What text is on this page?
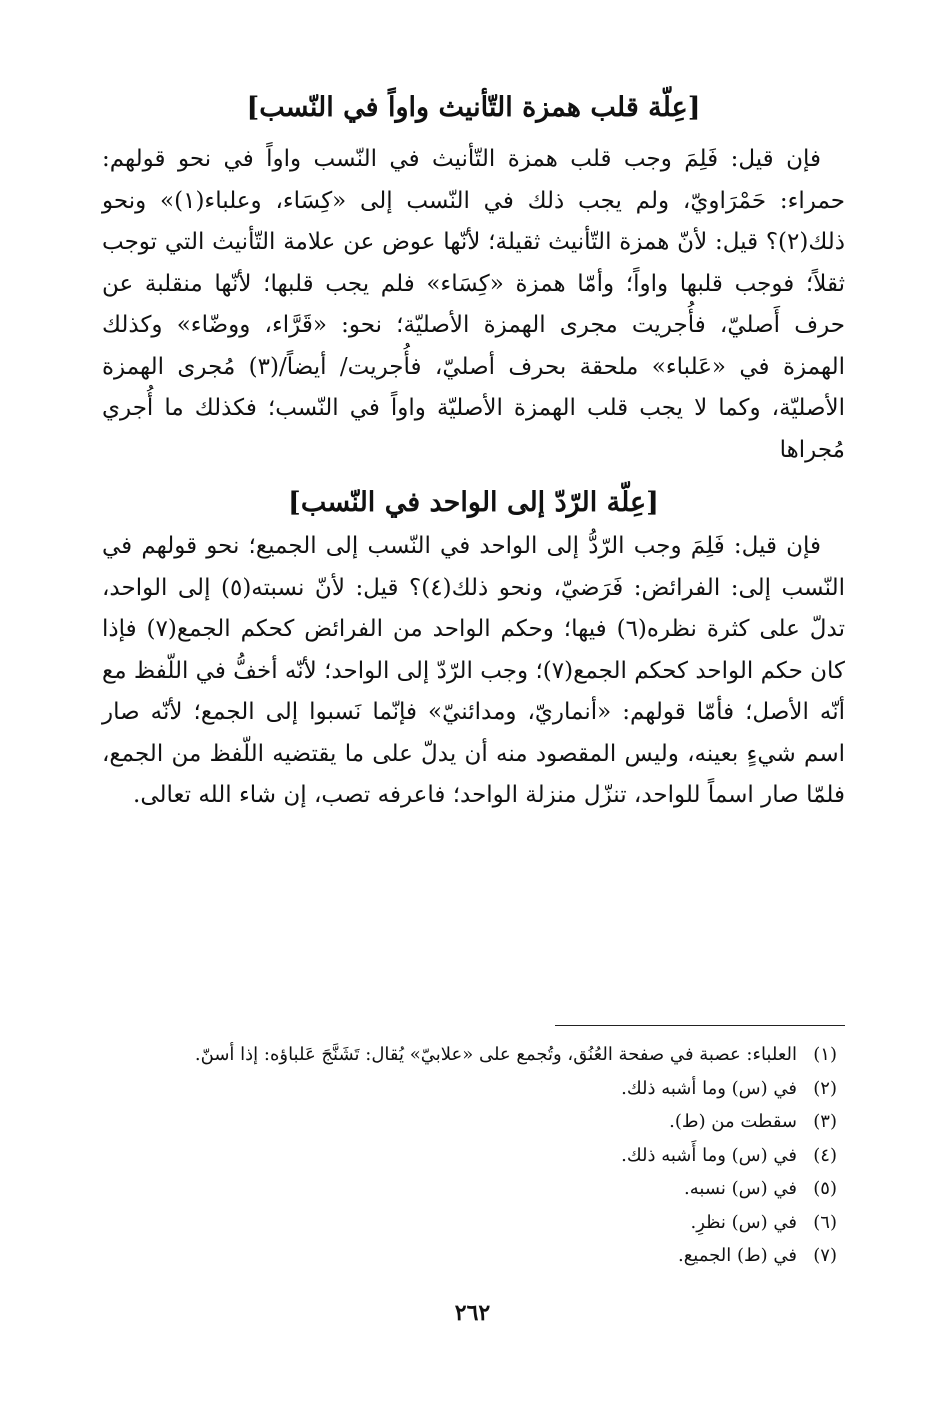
[عِلّة قلب همزة التّأنيث واواً في النّسب]

فإن قيل: فَلِمَ وجب قلب همزة التّأنيث في النّسب واواً في نحو قولهم: حمراء: حَمْرَاويّ، ولم يجب ذلك في النّسب إلى «كِسَاء، وعلباء(١)» ونحو ذلك(٢)؟ قيل: لأنّ همزة التّأنيث ثقيلة؛ لأنّها عوض عن علامة التّأنيث التي توجب ثقلاً؛ فوجب قلبها واواً؛ وأمّا همزة «كِسَاء» فلم يجب قلبها؛ لأنّها منقلبة عن حرف أَصليّ، فأُجريت مجرى الهمزة الأصليّة؛ نحو: «قَرَّاء، ووضّاء» وكذلك الهمزة في «عَلباء» ملحقة بحرف أصليّ، فأُجريت/ أيضاً/(٣) مُجرى الهمزة الأصليّة، وكما لا يجب قلب الهمزة الأصليّة واواً في النّسب؛ فكذلك ما أُجري مُجراها

[عِلّة الرّدّ إلى الواحد في النّسب]

فإن قيل: فَلِمَ وجب الرّدُّ إلى الواحد في النّسب إلى الجميع؛ نحو قولهم في النّسب إلى: الفرائض: فَرَضيّ، ونحو ذلك(٤)؟ قيل: لأنّ نسبته(٥) إلى الواحد، تدلّ على كثرة نظره(٦) فيها؛ وحكم الواحد من الفرائض كحكم الجمع(٧) فإذا كان حكم الواحد كحكم الجمع(٧)؛ وجب الرّدّ إلى الواحد؛ لأنّه أخفُّ في اللّفظ مع أنّه الأصل؛ فأمّا قولهم: «أنماريّ، ومدائنيّ» فإنّما نَسبوا إلى الجمع؛ لأنّه صار اسم شيءٍ بعينه، وليس المقصود منه أن يدلّ على ما يقتضيه اللّفظ من الجمع، فلمّا صار اسماً للواحد، تنزّل منزلة الواحد؛ فاعرفه تصب، إن شاء الله تعالى.

(١)العلباء: عصبة في صفحة العُنُق، وتُجمع على «علابيّ» يُقال: تَشَنَّجَ عَلباؤه: إذا أسنّ.
(٢)في (س) وما أشبه ذلك.
(٣)سقطت من (ط).
(٤)في (س) وما أَشبه ذلك.
(٥)في (س) نسبه.
(٦)في (س) نظرِ.
(٧)في (ط) الجميع.
٢٦٢
